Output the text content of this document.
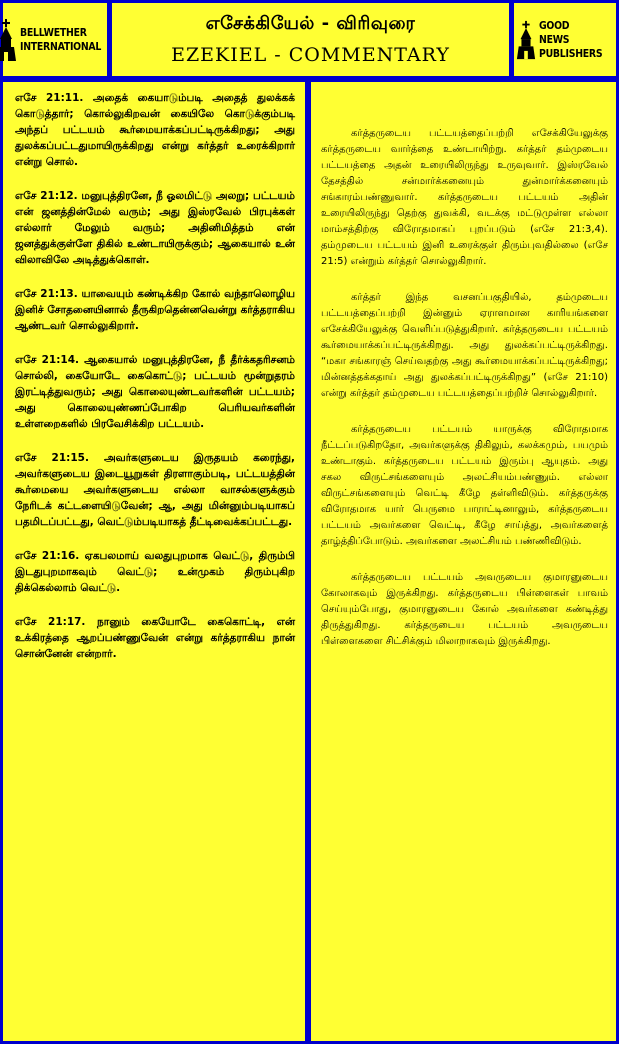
BELLWETHER
INTERNATIONAL
எசேக்கியேல் - விரிவுரை
EZEKIEL - COMMENTARY
GOOD NEWS
PUBLISHERS

எசே 21:11. அதைக் கையாடும்படி அதைத் துலக்கக் கொடுத்தார்; கொல்லுகிறவன் கையிலே கொடுக்கும்படி அந்தப் பட்டயம் கூர்மையாக்கப்பட்டிருக்கிறது; அது துலக்கப்பட்டதுமாயிருக்கிறது என்று கர்த்தர் உரைக்கிறார் என்று சொல்.

எசே 21:12. மனுபுத்திரனே, நீ ஓலமிட்டு அலறு; பட்டயம் என் ஜனத்தின்மேல் வரும்; அது இஸ்ரவேல் பிரபுக்கள் எல்லார் மேலும் வரும்; அதினிமித்தம் என் ஜனத்துக்குள்ளே திகில் உண்டாயிருக்கும்; ஆகையால் உன் விலாவிலே அடித்துக்கொள்.

எசே 21:13. யாவையும் கண்டிக்கிற கோல் வந்தாலொழிய இனிச் சோதனையினால் தீருகிறதென்னவென்று கர்த்தராகிய ஆண்டவர் சொல்லுகிறார்.

எசே 21:14. ஆகையால் மனுபுத்திரனே, நீ தீர்க்கதரிசனம் சொல்லி, கையோடே கைகொட்டு; பட்டயம் மூன்றுதரம் இரட்டித்துவரும்; அது கொலையுண்டவர்களின் பட்டயம்; அது கொலையுண்ணப்போகிற பெரியவர்களின் உள்ளறைகளில் பிரவேசிக்கிற பட்டயம்.

எசே 21:15. அவர்களுடைய இருதயம் கரைந்து, அவர்களுடைய இடையூறுகள் திரளாகும்படி, பட்டயத்தின் கூர்மையை அவர்களுடைய எல்லா வாசல்களுக்கும் நேரிடக் கட்டளையிடுவேன்; ஆ, அது மின்னும்படியாகப் பதமிடப்பட்டது, வெட்டும்படியாகத் தீட்டிவைக்கப்பட்டது.

எசே 21:16. ஏகபலமாய் வலதுபுறமாக வெட்டு, திரும்பி இடதுபுறமாகவும் வெட்டு; உன்முகம் திரும்புகிற திக்கெல்லாம் வெட்டு.

எசே 21:17. நானும் கையோடே கைகொட்டி, என் உக்கிரத்தை ஆறப்பண்ணுவேன் என்று கர்த்தராகிய நான் சொன்னேன் என்றார்.

கர்த்தருடைய பட்டயத்தைப்பற்றி எசேக்கியேலுக்கு கர்த்தருடைய வார்த்தை உண்டாயிற்று. கர்த்தர் தம்முடைய பட்டயத்தை அதன் உரையிலிருந்து உருவுவார். இஸ்ரவேல் தேசத்தில் சன்மார்க்கனையும் துன்மார்க்கனையும் சங்காரம்பண்ணுவார். கர்த்தருடைய பட்டயம் அதின் உரையிலிருந்து தெற்கு துவக்கி, வடக்கு மட்டுமுள்ள எல்லா மாம்சத்திற்கு விரோதமாகப் புறப்படும் (எசே 21:3,4). தம்முடைய பட்டயம் இனி உரைக்குள் திரும்புவதில்லை (எசே 21:5) என்றும் கர்த்தர் சொல்லுகிறார்.

கர்த்தர் இந்த வசனப்பகுதியில், தம்முடைய பட்டயத்தைப்பற்றி இன்னும் ஏராளமான காரியங்களை எசேக்கியேலுக்கு வெளிப்படுத்துகிறார். கர்த்தருடைய பட்டயம் கூர்மையாக்கப்பட்டிருக்கிறது. அது துலக்கப்பட்டிருக்கிறது. “மகா சங்காரஞ் செய்வதற்கு அது கூர்மையாக்கப்பட்டிருக்கிறது; மின்னத்தக்கதாய் அது துலக்கப்பட்டிருக்கிறது” (எசே 21:10) என்று கர்த்தர் தம்முடைய பட்டயத்தைப்பற்றிச் சொல்லுகிறார்.

கர்த்தருடைய பட்டயம் யாருக்கு விரோதமாக நீட்டப்படுகிறதோ, அவர்களுக்கு திகிலும், கலக்கமும், பயமும் உண்டாகும். கர்த்தருடைய பட்டயம் இரும்பு ஆயுதம். அது சகல விருட்சங்களையும் அலட்சியம்பண்ணும். எல்லா விருட்சங்களையும் வெட்டி கீழே தள்ளிவிடும். கர்த்தருக்கு விரோதமாக யார் பெருமை பாராட்டினாலும், கர்த்தருடைய பட்டயம் அவர்களை வெட்டி, கீழே சாய்த்து, அவர்களைத் தாழ்த்திப்போடும். அவர்களை அலட்சியம் பண்ணிவிடும்.

கர்த்தருடைய பட்டயம் அவருடைய குமாரனுடைய கோலாகவும் இருக்கிறது. கர்த்தருடைய பிள்ளைகள் பாவம் செய்யும்போது, குமாரனுடைய கோல் அவர்களை கண்டித்து திருத்துகிறது. கர்த்தருடைய பட்டயம் அவருடைய பிள்ளைகளை சிட்சிக்கும் மிலாறாகவும் இருக்கிறது.
